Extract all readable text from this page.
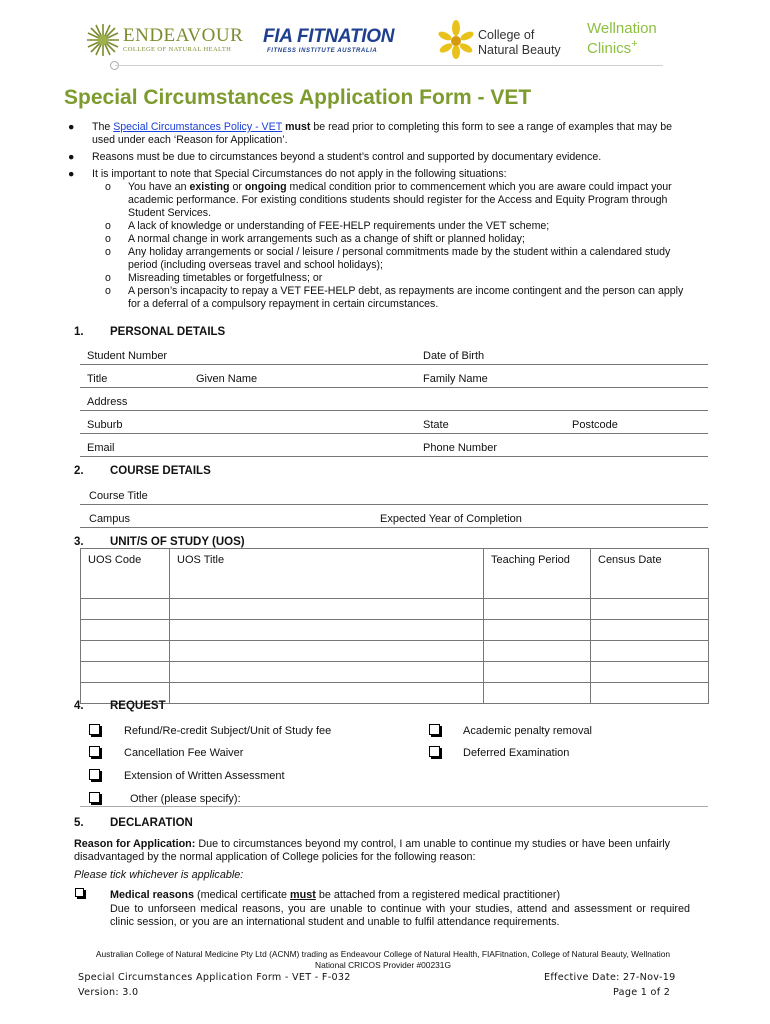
ENDEAVOUR
COLLEGE OF NATURAL HEALTH
FIA FITNATION
FITNESS INSTITUTE AUSTRALIA
College of
Natural Beauty
Wellnation
Clinics+
Special Circumstances Application Form - VET
● The Special Circumstances Policy - VET must be read prior to completing this form to see a range of examples that may be used under each ‘Reason for Application’.
● Reasons must be due to circumstances beyond a student’s control and supported by documentary evidence.
● It is important to note that Special Circumstances do not apply in the following situations:
o You have an existing or ongoing medical condition prior to commencement which you are aware could impact your academic performance. For existing conditions students should register for the Access and Equity Program through Student Services.
o A lack of knowledge or understanding of FEE-HELP requirements under the VET scheme;
o A normal change in work arrangements such as a change of shift or planned holiday;
o Any holiday arrangements or social / leisure / personal commitments made by the student within a calendared study period (including overseas travel and school holidays);
o Misreading timetables or forgetfulness; or
o A person’s incapacity to repay a VET FEE-HELP debt, as repayments are income contingent and the person can apply for a deferral of a compulsory repayment in certain circumstances.
1. PERSONAL DETAILS
Student Number	Date of Birth
Title	Given Name	Family Name
Address
Suburb	State	Postcode
Email	Phone Number
2. COURSE DETAILS
Course Title
Campus	Expected Year of Completion
3. UNIT/S OF STUDY (UOS)
UOS Code	UOS Title	Teaching Period	Census Date

4. REQUEST
Refund/Re-credit Subject/Unit of Study fee	Academic penalty removal
Cancellation Fee Waiver	Deferred Examination
Extension of Written Assessment
Other (please specify):
5. DECLARATION
Reason for Application: Due to circumstances beyond my control, I am unable to continue my studies or have been unfairly disadvantaged by the normal application of College policies for the following reason:
Please tick whichever is applicable:
Medical reasons (medical certificate must be attached from a registered medical practitioner)
Due to unforseen medical reasons, you are unable to continue with your studies, attend and assessment or required clinic session, or you are an international student and unable to fulfil attendance requirements.
Australian College of Natural Medicine Pty Ltd (ACNM) trading as Endeavour College of Natural Health, FIAFitnation, College of Natural Beauty, Wellnation
National CRICOS Provider #00231G
Special Circumstances Application Form - VET - F-032
Version: 3.0
Effective Date: 27-Nov-19
Page 1 of 2
